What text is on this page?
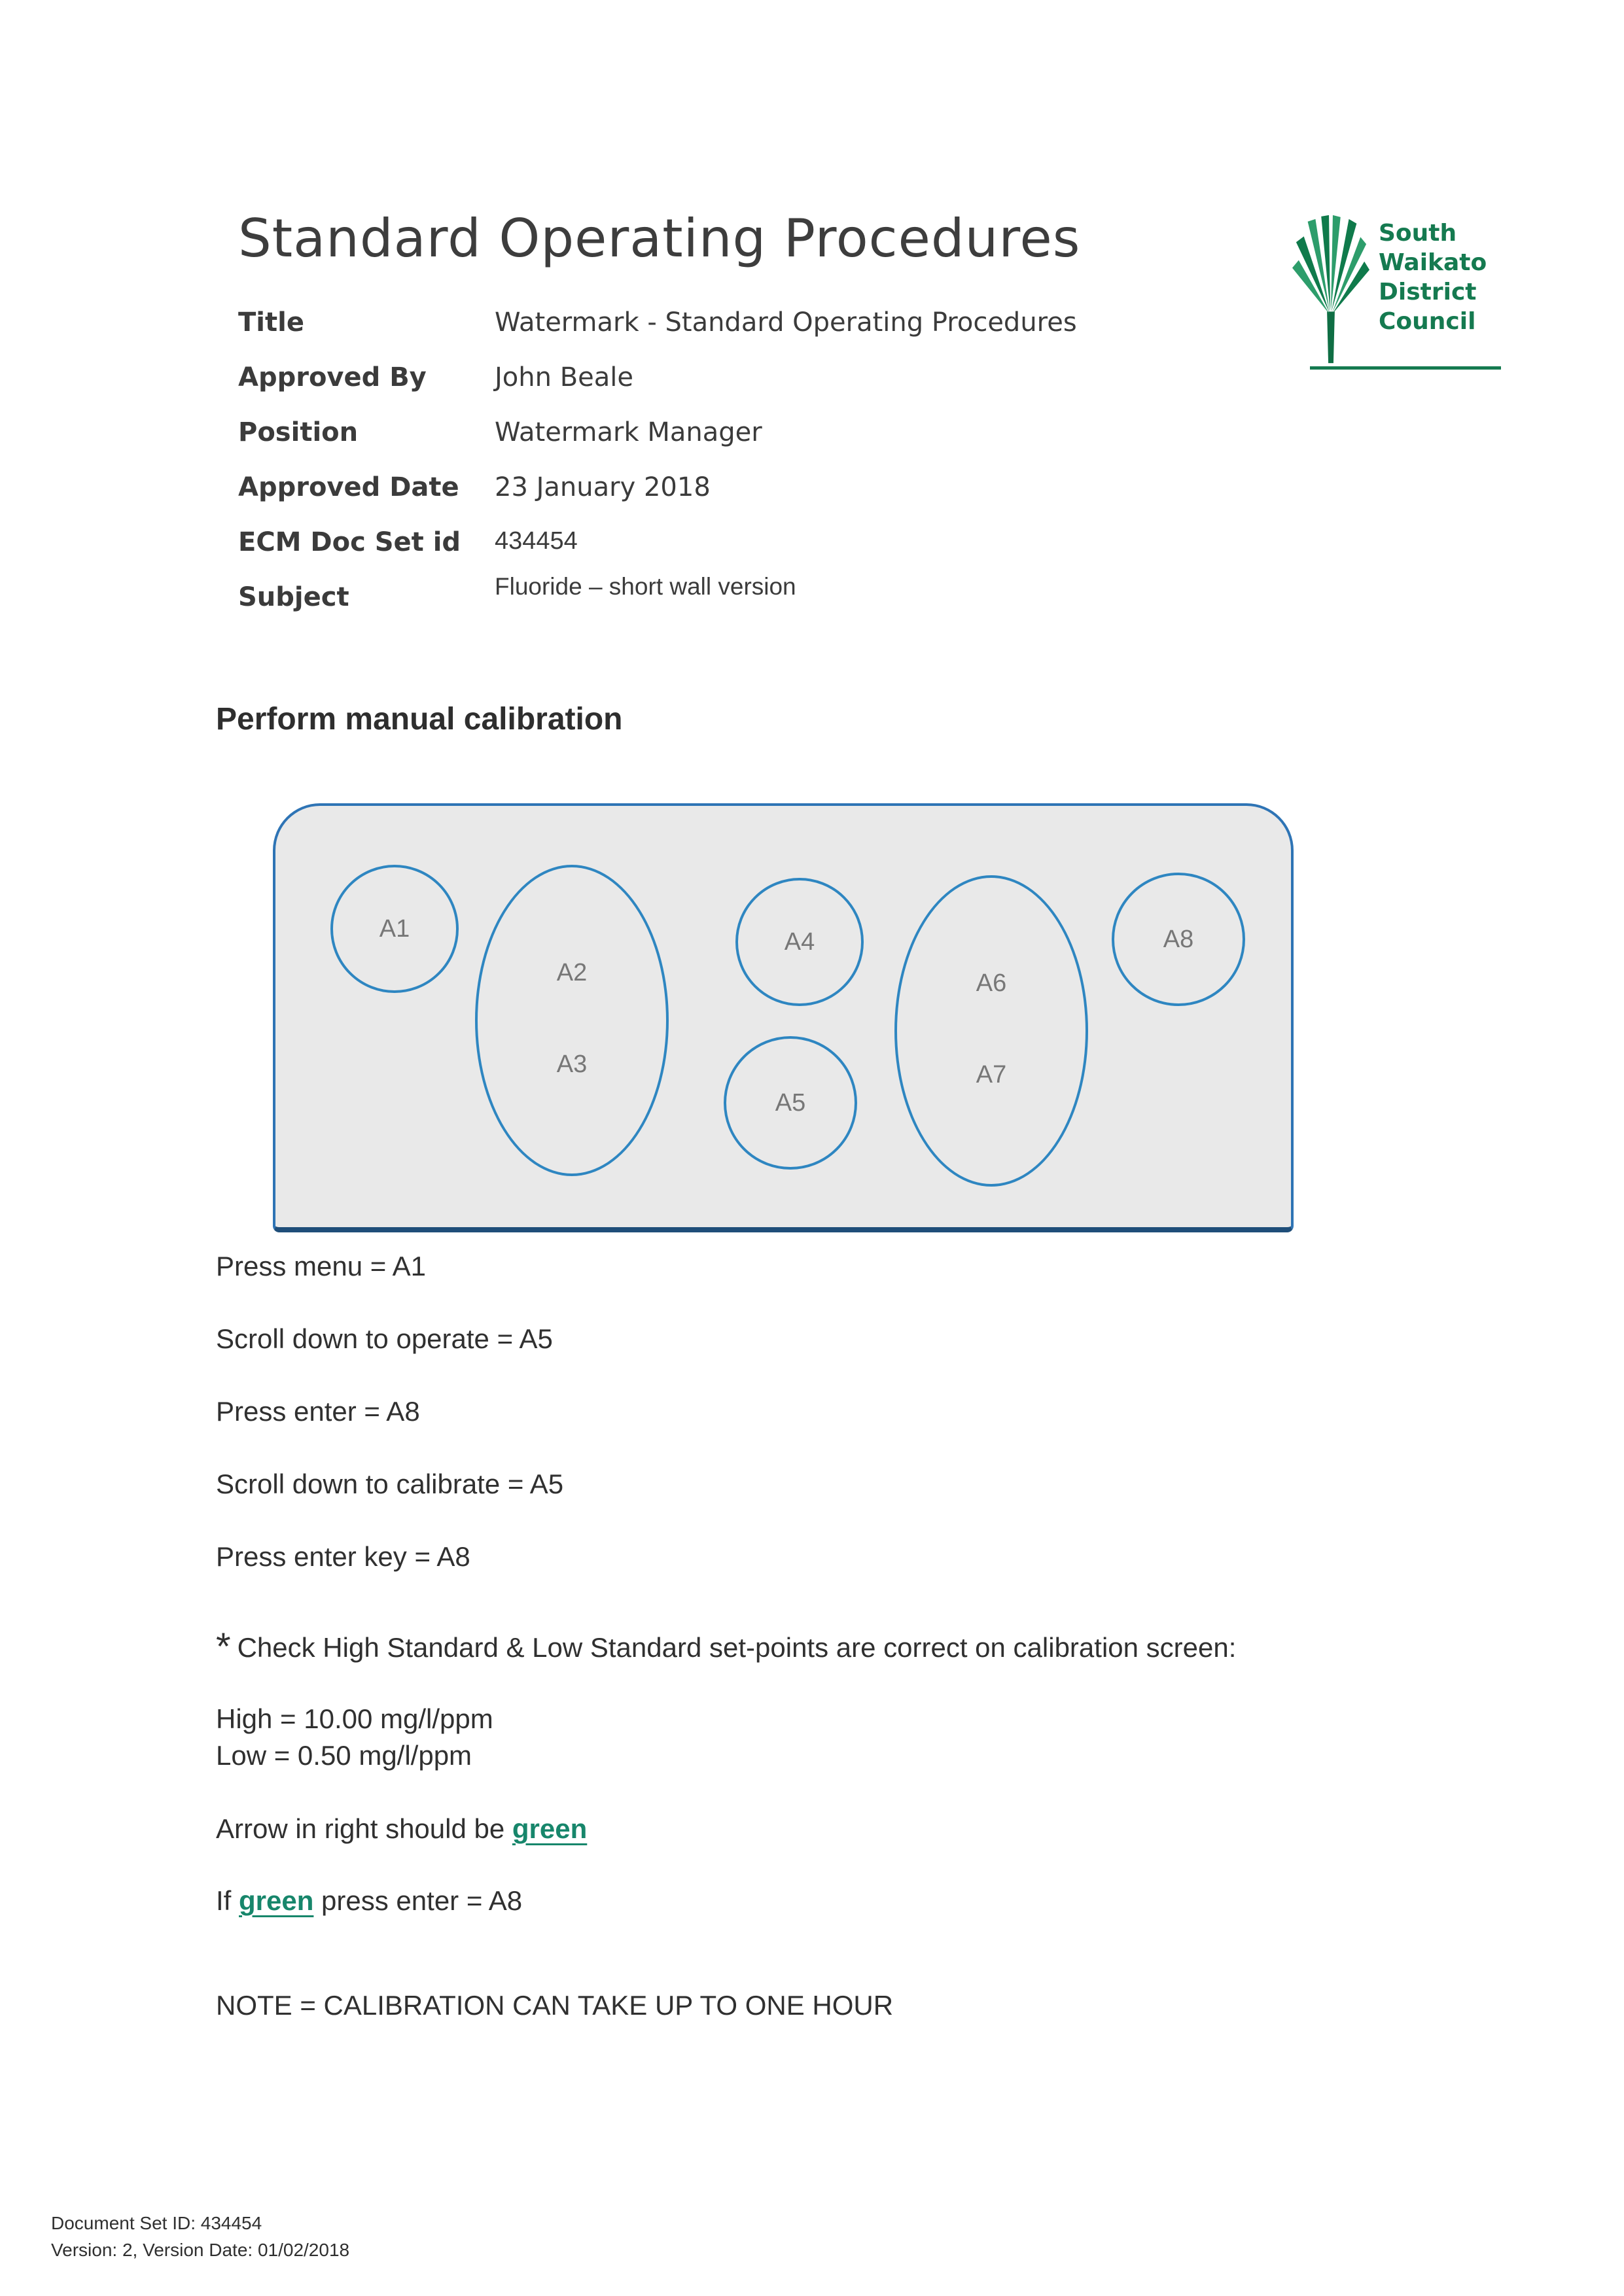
Standard Operating Procedures	South
Waikato
District
Council
Title	Watermark - Standard Operating Procedures
Approved By	John Beale
Position	Watermark Manager
Approved Date	23 January 2018
ECM Doc Set id	434454
Subject	Fluoride – short wall version
Perform manual calibration
A1
A2
A3
A4
A5
A6
A7
A8

Press menu = A1

Scroll down to operate = A5

Press enter = A8

Scroll down to calibrate = A5

Press enter key = A8

* Check High Standard & Low Standard set-points are correct on calibration screen:

High = 10.00 mg/l/ppm
Low = 0.50 mg/l/ppm

Arrow in right should be green

If green press enter = A8

NOTE = CALIBRATION CAN TAKE UP TO ONE HOUR

Document Set ID: 434454
Version: 2, Version Date: 01/02/2018
